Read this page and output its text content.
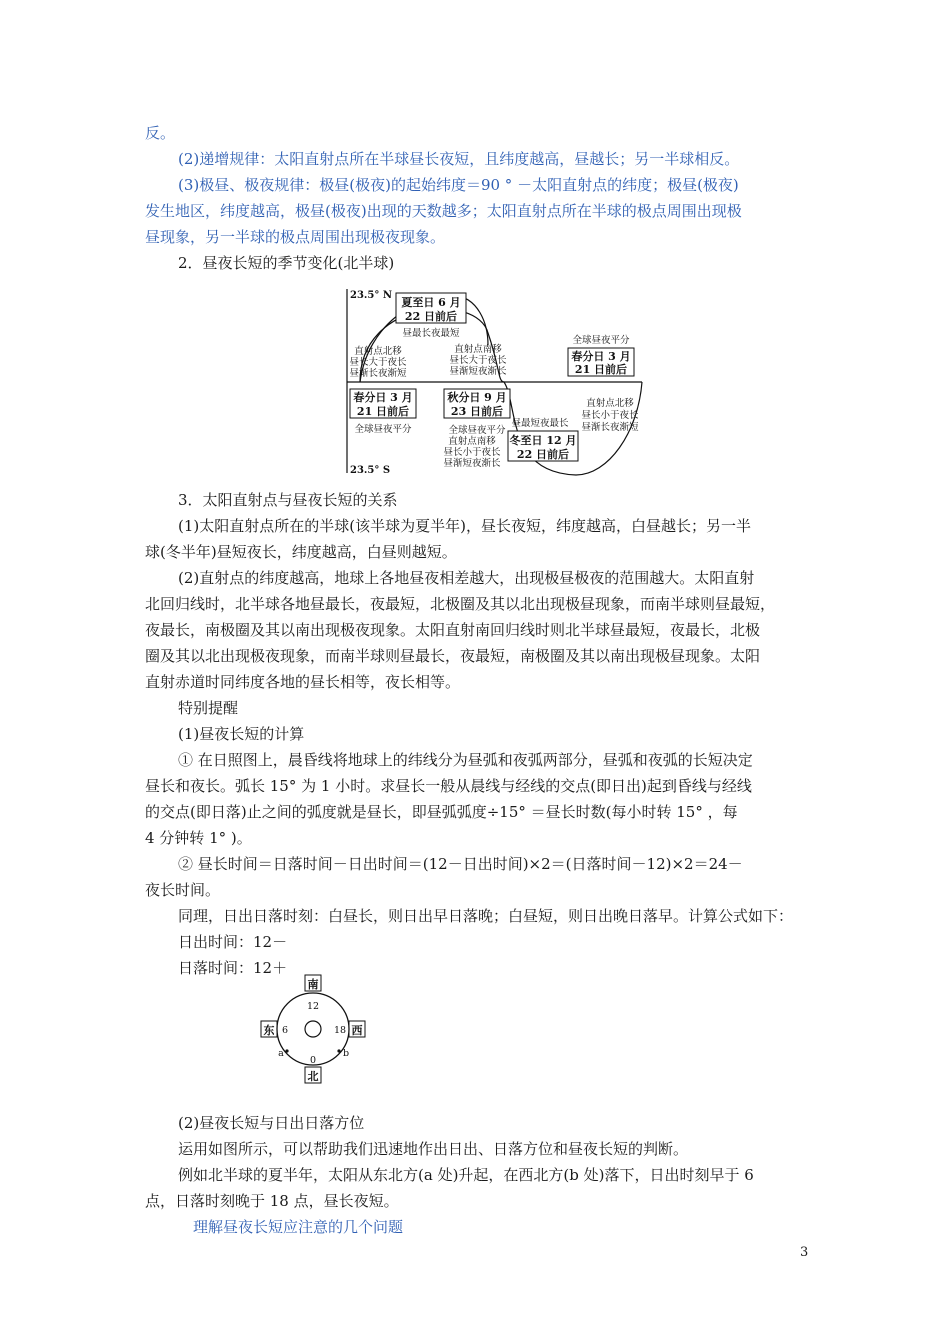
反。
(2)递增规律：太阳直射点所在半球昼长夜短，且纬度越高，昼越长；另一半球相反。
(3)极昼、极夜规律：极昼(极夜)的起始纬度＝90 ° －太阳直射点的纬度；极昼(极夜)
发生地区，纬度越高，极昼(极夜)出现的天数越多；太阳直射点所在半球的极点周围出现极
昼现象，另一半球的极点周围出现极夜现象。
2．昼夜长短的季节变化(北半球)
3．太阳直射点与昼夜长短的关系
(1)太阳直射点所在的半球(该半球为夏半年)，昼长夜短，纬度越高，白昼越长；另一半
球(冬半年)昼短夜长，纬度越高，白昼则越短。
(2)直射点的纬度越高，地球上各地昼夜相差越大，出现极昼极夜的范围越大。太阳直射
北回归线时，北半球各地昼最长，夜最短，北极圈及其以北出现极昼现象，而南半球则昼最短，
夜最长，南极圈及其以南出现极夜现象。太阳直射南回归线时则北半球昼最短，夜最长，北极
圈及其以北出现极夜现象，而南半球则昼最长，夜最短，南极圈及其以南出现极昼现象。太阳
直射赤道时同纬度各地的昼长相等，夜长相等。
特别提醒
(1)昼夜长短的计算
① 在日照图上，晨昏线将地球上的纬线分为昼弧和夜弧两部分，昼弧和夜弧的长短决定
昼长和夜长。弧长 15° 为 1 小时。求昼长一般从晨线与经线的交点(即日出)起到昏线与经线
的交点(即日落)止之间的弧度就是昼长，即昼弧弧度÷15° ＝昼长时数(每小时转 15° ，每
4 分钟转 1° )。
② 昼长时间＝日落时间－日出时间＝(12－日出时间)×2＝(日落时间－12)×2＝24－
夜长时间。
同理，日出日落时刻：白昼长，则日出早日落晚；白昼短，则日出晚日落早。计算公式如下：
日出时间：12－
日落时间：12＋
(2)昼夜长短与日出日落方位
运用如图所示，可以帮助我们迅速地作出日出、日落方位和昼夜长短的判断。
例如北半球的夏半年，太阳从东北方(a 处)升起，在西北方(b 处)落下，日出时刻早于 6
点，日落时刻晚于 18 点，昼长夜短。
理解昼夜长短应注意的几个问题
23.5° N
23.5° S
夏至日 6 月
22 日前后
昼最长夜最短
直射点北移
昼长大于夜长
昼渐长夜渐短
直射点南移
昼长大于夜长
昼渐短夜渐长
全球昼夜平分
春分日 3 月
21 日前后
春分日 3 月
21 日前后
全球昼夜平分
秋分日 9 月
23 日前后
全球昼夜平分
直射点南移
昼长小于夜长
昼渐短夜渐长
昼最短夜最长
冬至日 12 月
22 日前后
直射点北移
昼长小于夜长
昼渐长夜渐短
南
北
东	西
12
6	18
0
a	b
3
